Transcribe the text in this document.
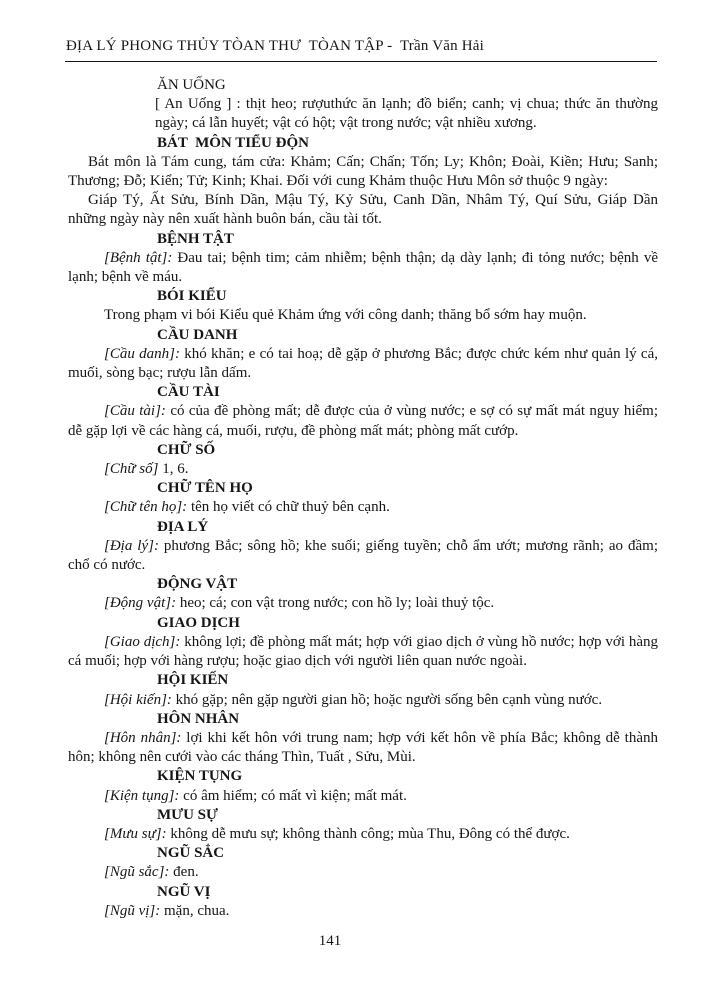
ĐỊA LÝ PHONG THỦY TÒAN THƯ  TÒAN TẬP -  Trần Văn Hải
ĂN UỐNG

[ An Uống ] : thịt heo; rượuthức ăn lạnh; đồ biển; canh; vị chua; thức ăn thường ngày; cá lẫn huyết; vật có hột; vật trong nước; vật nhiều xương.

BÁT  MÔN TIỂU ĐỘN

Bát môn là Tám cung, tám cửa: Khảm; Cấn; Chấn; Tốn; Ly; Khôn; Đoài, Kiền; Hưu; Sanh; Thương; Đỗ; Kiển; Tử; Kinh; Khai. Đối với cung Khảm thuộc Hưu Môn sở thuộc 9 ngày:

Giáp Tý, Ất Sửu, Bính Dần, Mậu Tý, Kỷ Sửu, Canh Dần, Nhâm Tý, Quí Sửu, Giáp Dần những ngày này nên xuất hành buôn bán, cầu tài tốt.

BỆNH TẬT

[Bệnh tật]: Đau tai; bệnh tim; cảm nhiễm; bệnh thận; dạ dày lạnh; đi tỏng nước; bệnh về lạnh; bệnh về máu.

BÓI KIỂU

Trong phạm vi bói Kiểu quẻ Khảm ứng với công danh; thăng bổ sớm hay muộn.

CẦU DANH

[Cầu danh]: khó khăn; e có tai hoạ; dễ gặp ở phương Bắc; được chức kém như quản lý cá, muối, sòng bạc; rượu lẫn dấm.

CẦU TÀI

[Cầu tài]: có của đề phòng mất; dễ được của ở vùng nước; e sợ có sự mất mát nguy hiểm; dễ gặp lợi về các hàng cá, muối, rượu, đề phòng mất mát; phòng mất cướp.

CHỮ SỐ

[Chữ số] 1, 6.

CHỮ TÊN HỌ

[Chữ tên họ]: tên họ viết có chữ thuỷ bên cạnh.

ĐỊA LÝ

[Địa lý]: phương Bắc; sông hồ; khe suối; giếng tuyền; chỗ ẩm ướt; mương rãnh; ao đầm; chổ có nước.

ĐỘNG VẬT

[Động vật]: heo; cá; con vật trong nước; con hồ ly; loài thuỷ tộc.

GIAO DỊCH

[Giao dịch]: không lợi; đề phòng mất mát; hợp với giao dịch ở vùng hồ nước; hợp với hàng cá muối; hợp với hàng rượu; hoặc giao dịch với người liên quan nước ngoài.

HỘI KIẾN

[Hội kiến]: khó gặp; nên gặp người gian hồ; hoặc người sống bên cạnh vùng nước.

HÔN NHÂN

[Hôn nhân]: lợi khi kết hôn với trung nam; hợp với kết hôn về phía Bắc; không dễ thành hôn; không nên cưới vào các tháng Thìn, Tuất , Sửu, Mùi.

KIỆN TỤNG

[Kiện tụng]: có âm hiểm; có mất vì kiện; mất mát.

MƯU SỰ

[Mưu sự]: không dễ mưu sự; không thành công; mùa Thu, Đông có thể được.

NGŨ SẮC

[Ngũ sắc]: đen.

NGŨ VỊ

[Ngũ vị]: mặn, chua.

141
